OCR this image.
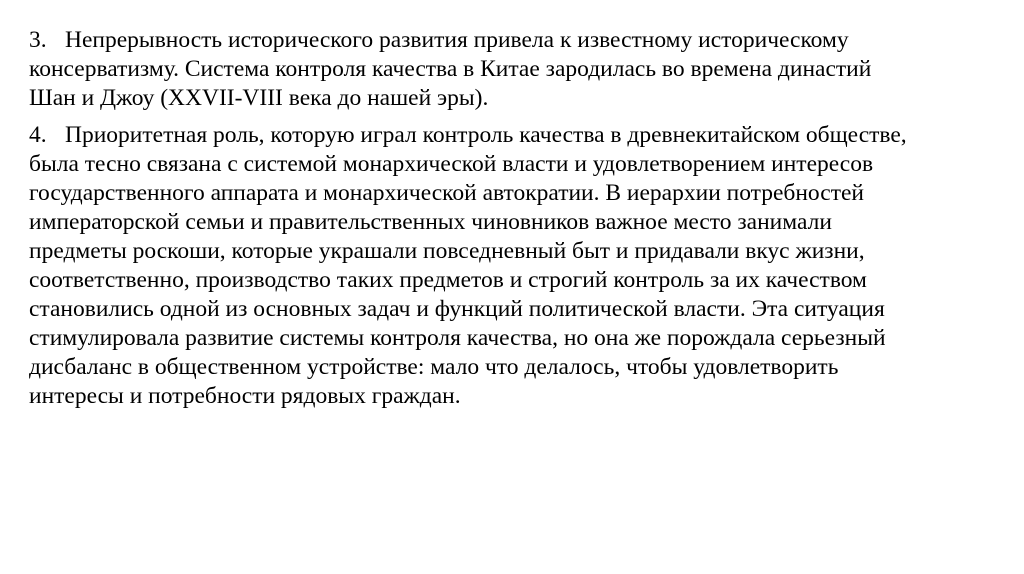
3. Непрерывность исторического развития привела к известному историческому
консерватизму. Система контроля качества в Китае зародилась во времена династий
Шан и Джоу (XXVII-VIII века до нашей эры).
4. Приоритетная роль, которую играл контроль качества в древнекитайском обществе,
была тесно связана с системой монархической власти и удовлетворением интересов
государственного аппарата и монархической автократии. В иерархии потребностей
императорской семьи и правительственных чиновников важное место занимали
предметы роскоши, которые украшали повседневный быт и придавали вкус жизни,
соответственно, производство таких предметов и строгий контроль за их качеством
становились одной из основных задач и функций политической власти. Эта ситуация
стимулировала развитие системы контроля качества, но она же порождала серьезный
дисбаланс в общественном устройстве: мало что делалось, чтобы удовлетворить
интересы и потребности рядовых граждан.
